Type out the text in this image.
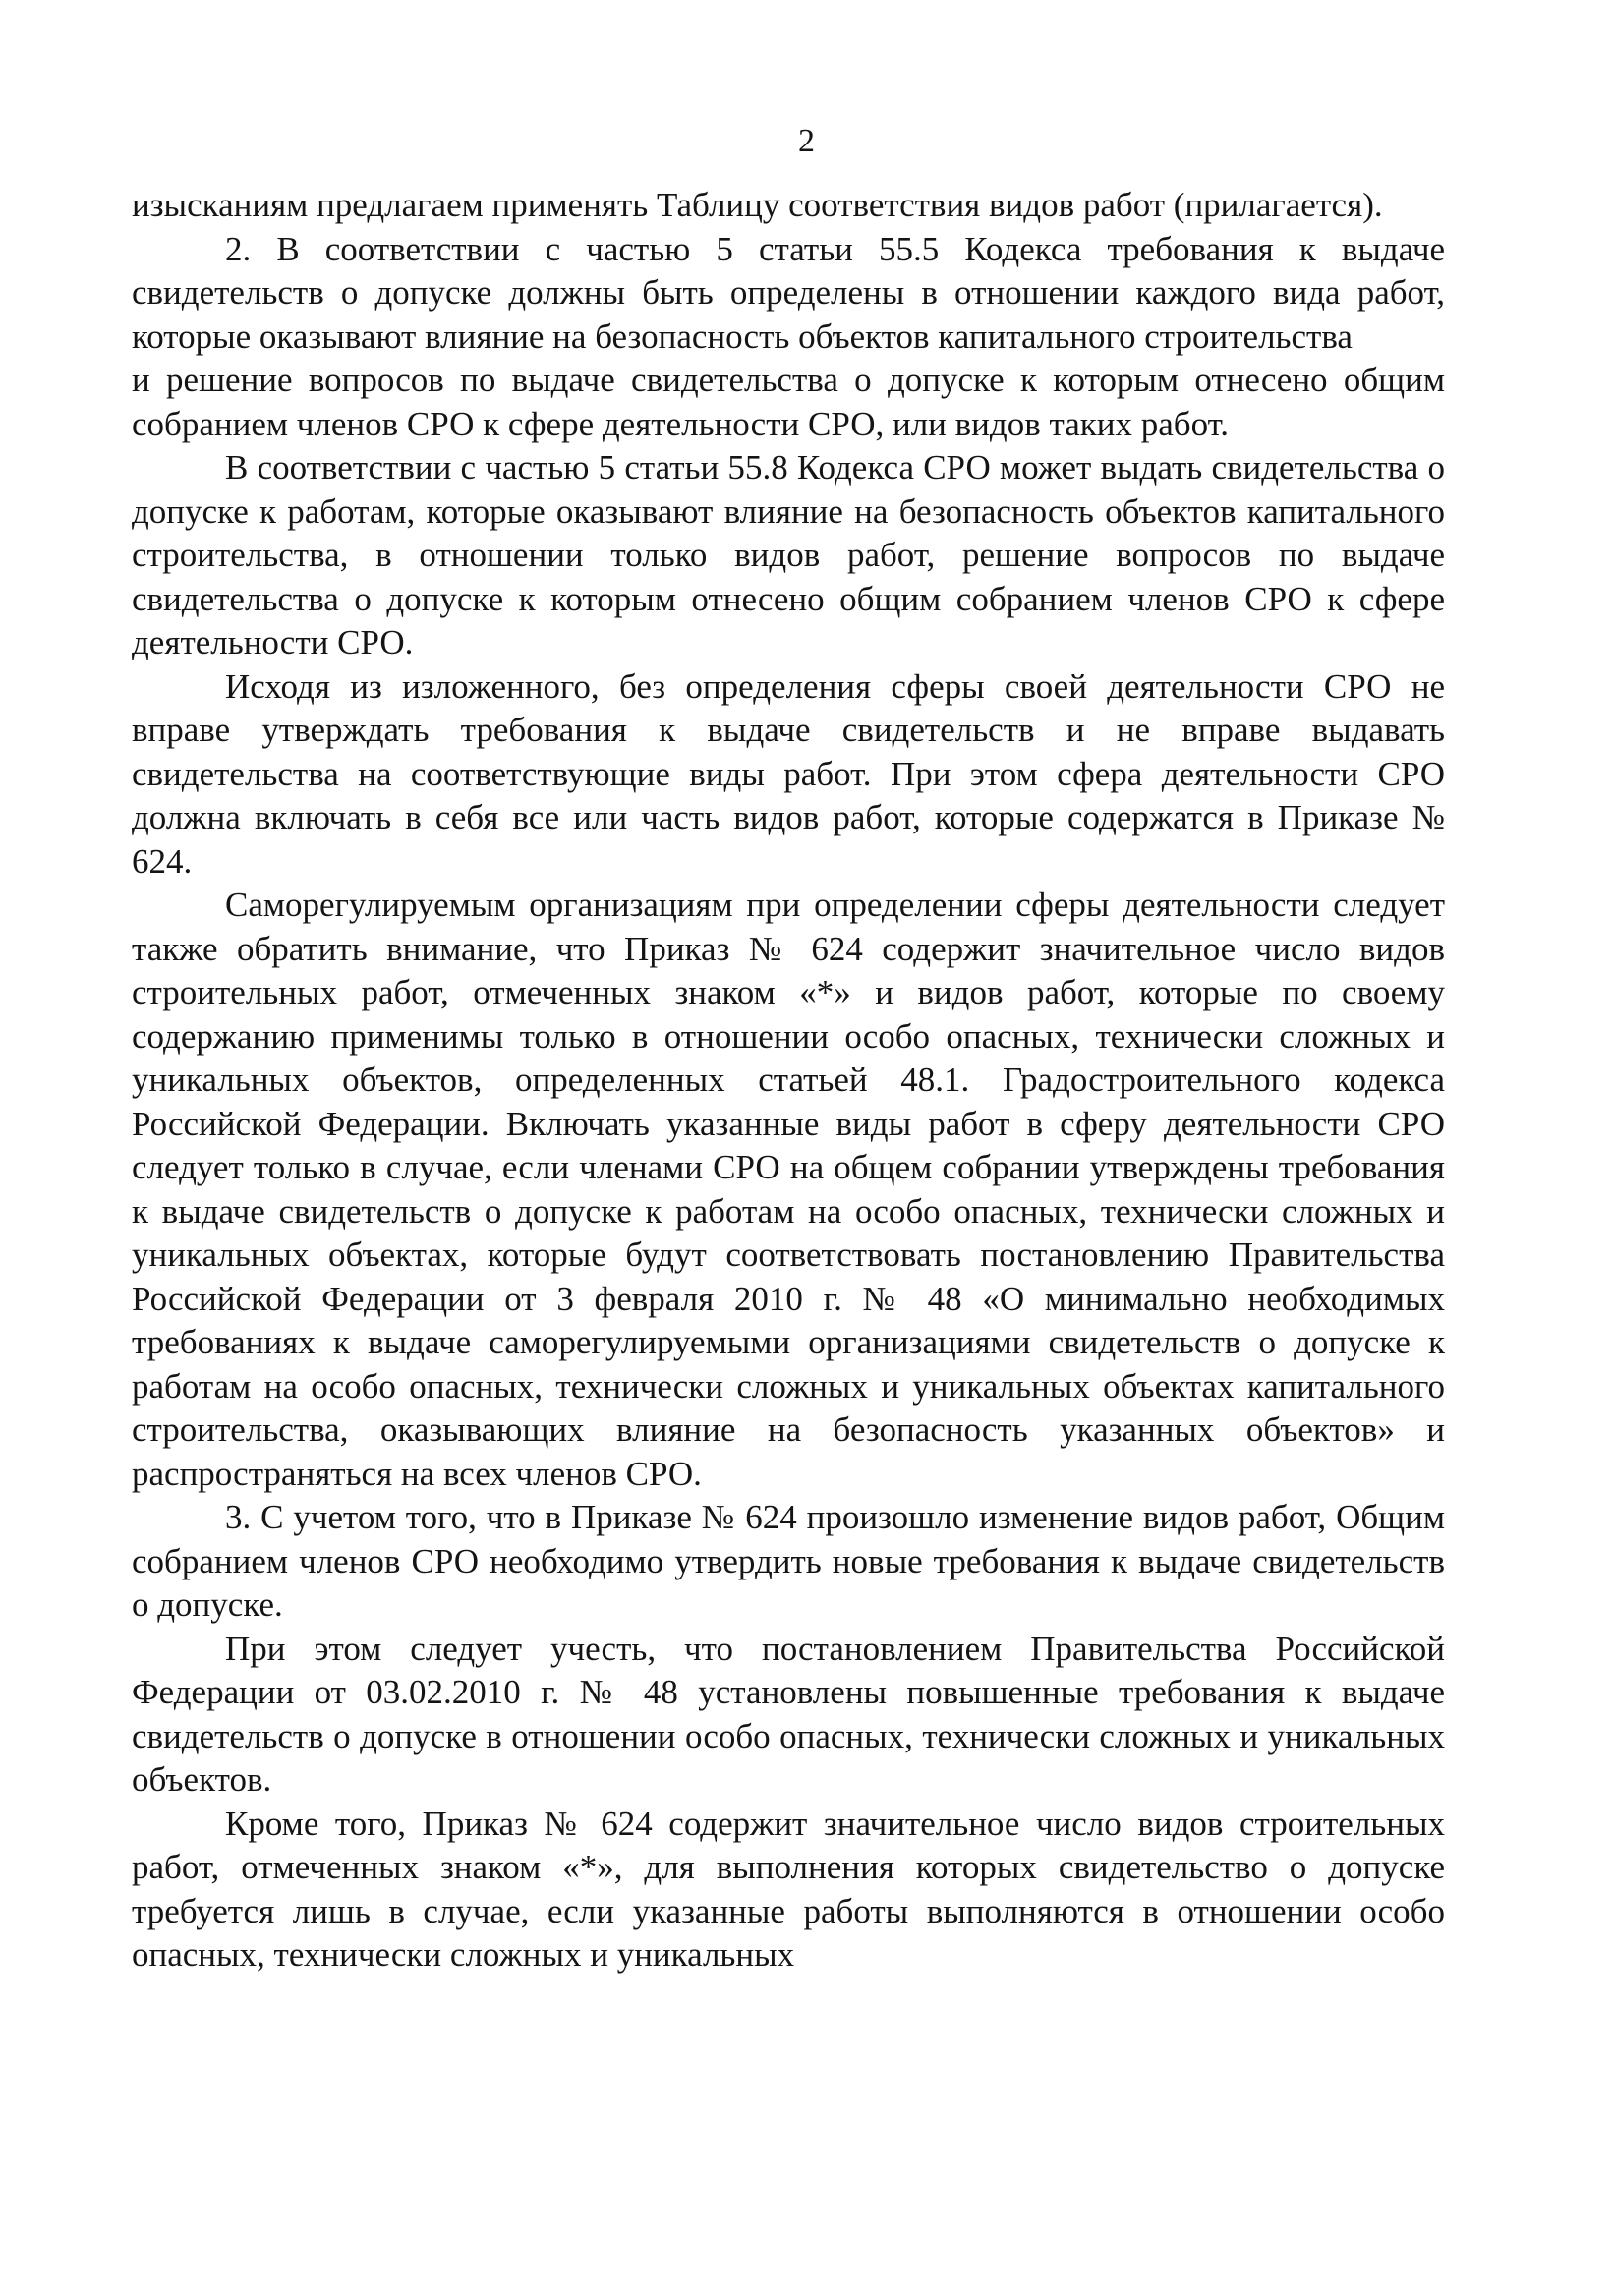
2

изысканиям предлагаем применять Таблицу соответствия видов работ (прилагается).

2. В соответствии с частью 5 статьи 55.5 Кодекса требования к выдаче свидетельств о допуске должны быть определены в отношении каждого вида работ, которые оказывают влияние на безопасность объектов капитального строительства

и решение вопросов по выдаче свидетельства о допуске к которым отнесено общим собранием членов СРО к сфере деятельности СРО, или видов таких работ.

В соответствии с частью 5 статьи 55.8 Кодекса СРО может выдать свидетельства о допуске к работам, которые оказывают влияние на безопасность объектов капитального строительства, в отношении только видов работ, решение вопросов по выдаче свидетельства о допуске к которым отнесено общим собранием членов СРО к сфере деятельности СРО.

Исходя из изложенного, без определения сферы своей деятельности СРО не вправе утверждать требования к выдаче свидетельств и не вправе выдавать свидетельства на соответствующие виды работ. При этом сфера деятельности СРО должна включать в себя все или часть видов работ, которые содержатся в Приказе № 624.

Саморегулируемым организациям при определении сферы деятельности следует также обратить внимание, что Приказ № 624 содержит значительное число видов строительных работ, отмеченных знаком «*» и видов работ, которые по своему содержанию применимы только в отношении особо опасных, технически сложных и уникальных объектов, определенных статьей 48.1. Градостроительного кодекса Российской Федерации. Включать указанные виды работ в сферу деятельности СРО следует только в случае, если членами СРО на общем собрании утверждены требования к выдаче свидетельств о допуске к работам на особо опасных, технически сложных и уникальных объектах, которые будут соответствовать постановлению Правительства Российской Федерации от 3 февраля 2010 г. № 48 «О минимально необходимых требованиях к выдаче саморегулируемыми организациями свидетельств о допуске к работам на особо опасных, технически сложных и уникальных объектах капитального строительства, оказывающих влияние на безопасность указанных объектов» и распространяться на всех членов СРО.

3. С учетом того, что в Приказе № 624 произошло изменение видов работ, Общим собранием членов СРО необходимо утвердить новые требования к выдаче свидетельств о допуске.

При этом следует учесть, что постановлением Правительства Российской Федерации от 03.02.2010 г. № 48 установлены повышенные требования к выдаче свидетельств о допуске в отношении особо опасных, технически сложных и уникальных объектов.

Кроме того, Приказ № 624 содержит значительное число видов строительных работ, отмеченных знаком «*», для выполнения которых свидетельство о допуске требуется лишь в случае, если указанные работы выполняются в отношении особо опасных, технически сложных и уникальных
